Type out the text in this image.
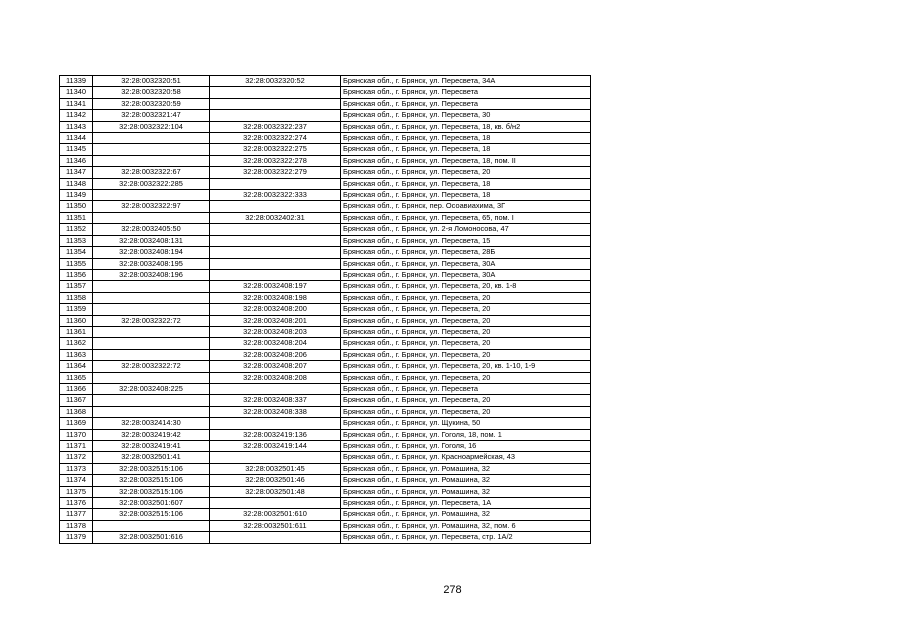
11339	32:28:0032320:51	32:28:0032320:52	Брянская обл., г. Брянск, ул. Пересвета, 34А
11340	32:28:0032320:58		Брянская обл., г. Брянск, ул. Пересвета
11341	32:28:0032320:59		Брянская обл., г. Брянск, ул. Пересвета
11342	32:28:0032321:47		Брянская обл., г. Брянск, ул. Пересвета, 30
11343	32:28:0032322:104	32:28:0032322:237	Брянская обл., г. Брянск, ул. Пересвета, 18, кв. б/н2
11344		32:28:0032322:274	Брянская обл., г. Брянск, ул. Пересвета, 18
11345		32:28:0032322:275	Брянская обл., г. Брянск, ул. Пересвета, 18
11346		32:28:0032322:278	Брянская обл., г. Брянск, ул. Пересвета, 18, пом. II
11347	32:28:0032322:67	32:28:0032322:279	Брянская обл., г. Брянск, ул. Пересвета, 20
11348	32:28:0032322:285		Брянская обл., г. Брянск, ул. Пересвета, 18
11349		32:28:0032322:333	Брянская обл., г. Брянск, ул. Пересвета, 18
11350	32:28:0032322:97		Брянская обл., г. Брянск, пер. Осоавиахима, 3Г
11351		32:28:0032402:31	Брянская обл., г. Брянск, ул. Пересвета, 65, пом. I
11352	32:28:0032405:50		Брянская обл., г. Брянск, ул. 2-я Ломоносова, 47
11353	32:28:0032408:131		Брянская обл., г. Брянск, ул. Пересвета, 15
11354	32:28:0032408:194		Брянская обл., г. Брянск, ул. Пересвета, 28Б
11355	32:28:0032408:195		Брянская обл., г. Брянск, ул. Пересвета, 30А
11356	32:28:0032408:196		Брянская обл., г. Брянск, ул. Пересвета, 30А
11357		32:28:0032408:197	Брянская обл., г. Брянск, ул. Пересвета, 20, кв. 1-8
11358		32:28:0032408:198	Брянская обл., г. Брянск, ул. Пересвета, 20
11359		32:28:0032408:200	Брянская обл., г. Брянск, ул. Пересвета, 20
11360	32:28:0032322:72	32:28:0032408:201	Брянская обл., г. Брянск, ул. Пересвета, 20
11361		32:28:0032408:203	Брянская обл., г. Брянск, ул. Пересвета, 20
11362		32:28:0032408:204	Брянская обл., г. Брянск, ул. Пересвета, 20
11363		32:28:0032408:206	Брянская обл., г. Брянск, ул. Пересвета, 20
11364	32:28:0032322:72	32:28:0032408:207	Брянская обл., г. Брянск, ул. Пересвета, 20, кв. 1-10, 1-9
11365		32:28:0032408:208	Брянская обл., г. Брянск, ул. Пересвета, 20
11366	32:28:0032408:225		Брянская обл., г. Брянск, ул. Пересвета
11367		32:28:0032408:337	Брянская обл., г. Брянск, ул. Пересвета, 20
11368		32:28:0032408:338	Брянская обл., г. Брянск, ул. Пересвета, 20
11369	32:28:0032414:30		Брянская обл., г. Брянск, ул. Щукина, 50
11370	32:28:0032419:42	32:28:0032419:136	Брянская обл., г. Брянск, ул. Гоголя, 18, пом. 1
11371	32:28:0032419:41	32:28:0032419:144	Брянская обл., г. Брянск, ул. Гоголя, 16
11372	32:28:0032501:41		Брянская обл., г. Брянск, ул. Красноармейская, 43
11373	32:28:0032515:106	32:28:0032501:45	Брянская обл., г. Брянск, ул. Ромашина, 32
11374	32:28:0032515:106	32:28:0032501:46	Брянская обл., г. Брянск, ул. Ромашина, 32
11375	32:28:0032515:106	32:28:0032501:48	Брянская обл., г. Брянск, ул. Ромашина, 32
11376	32:28:0032501:607		Брянская обл., г. Брянск, ул. Пересвета, 1А
11377	32:28:0032515:106	32:28:0032501:610	Брянская обл., г. Брянск, ул. Ромашина, 32
11378		32:28:0032501:611	Брянская обл., г. Брянск, ул. Ромашина, 32, пом. 6
11379	32:28:0032501:616		Брянская обл., г. Брянск, ул. Пересвета, стр. 1А/2
278
